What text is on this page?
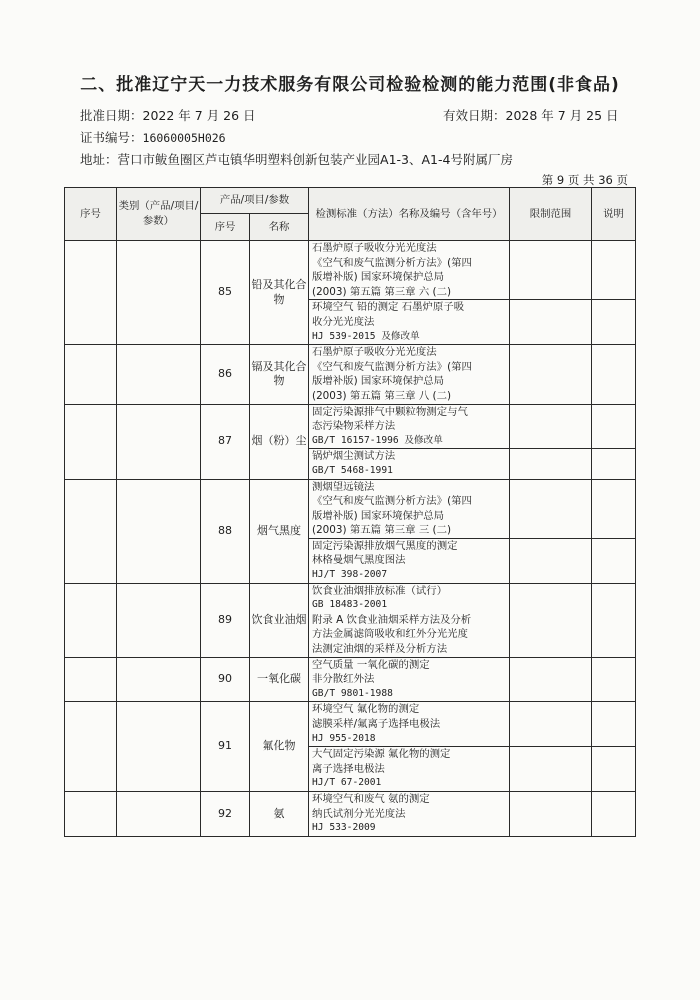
二、批准辽宁天一力技术服务有限公司检验检测的能力范围(非食品)
批准日期：2022 年 7 月 26 日	有效日期：2028 年 7 月 25 日
证书编号：16060005H026
地址：营口市鲅鱼圈区芦屯镇华明塑料创新包装产业园A1-3、A1-4号附属厂房
第 9 页 共 36 页
序号	类别（产品/项目/参数）	产品/项目/参数		检测标准（方法）名称及编号（含年号）	限制范围	说明
		序号	名称			
		85	铅及其化合物	石墨炉原子吸收分光光度法
《空气和废气监测分析方法》(第四
版增补版) 国家环境保护总局
(2003) 第五篇 第三章 六 (二)		

				环境空气 铅的测定 石墨炉原子吸
收分光光度法
HJ 539-2015 及修改单		

		86	镉及其化合物	石墨炉原子吸收分光光度法
《空气和废气监测分析方法》(第四
版增补版) 国家环境保护总局
(2003) 第五篇 第三章 八 (二)		

		87	烟（粉）尘	固定污染源排气中颗粒物测定与气
态污染物采样方法
GB/T 16157-1996 及修改单		

				锅炉烟尘测试方法
GB/T 5468-1991		

		88	烟气黑度	测烟望远镜法
《空气和废气监测分析方法》(第四
版增补版) 国家环境保护总局
(2003) 第五篇 第三章 三 (二)		

				固定污染源排放烟气黑度的测定
林格曼烟气黑度图法
HJ/T 398-2007		

		89	饮食业油烟	饮食业油烟排放标准（试行）
GB 18483-2001
附录 A 饮食业油烟采样方法及分析
方法金属滤筒吸收和红外分光光度
法测定油烟的采样及分析方法		

		90	一氧化碳	空气质量 一氧化碳的测定
非分散红外法
GB/T 9801-1988		

		91	氟化物	环境空气 氟化物的测定
滤膜采样/氟离子选择电极法
HJ 955-2018		

				大气固定污染源 氟化物的测定
离子选择电极法
HJ/T 67-2001		

		92	氨	环境空气和废气 氨的测定
纳氏试剂分光光度法
HJ 533-2009		
